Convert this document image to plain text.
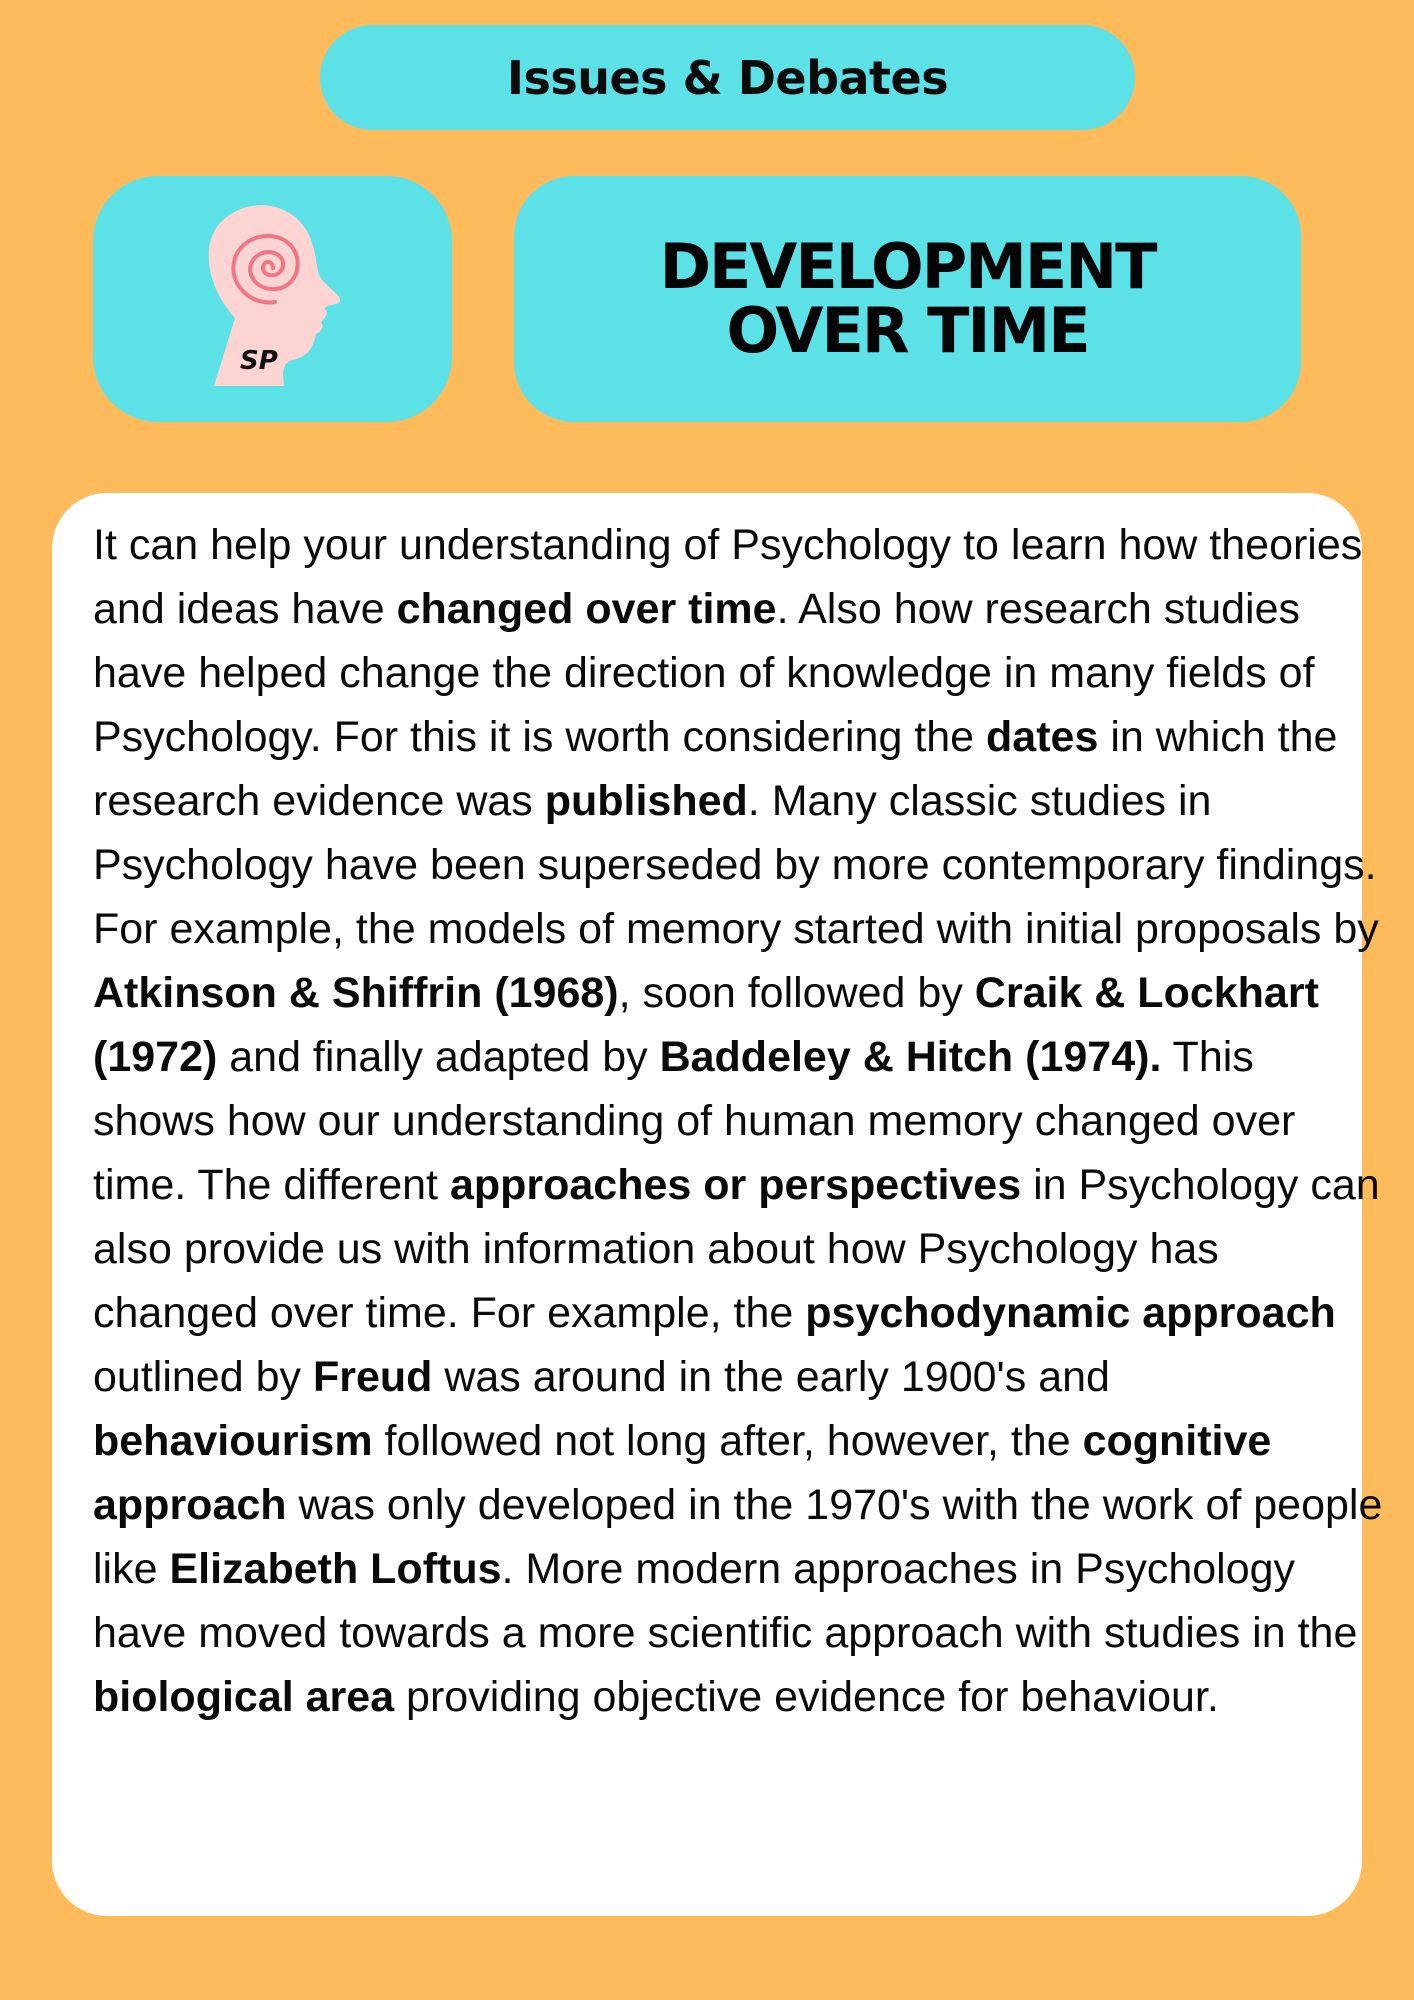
Issues & Debates
SP
DEVELOPMENT
OVER TIME

It can help your understanding of Psychology to learn how theories and ideas have changed over time. Also how research studies have helped change the direction of knowledge in many fields of Psychology. For this it is worth considering the dates in which the research evidence was published. Many classic studies in Psychology have been superseded by more contemporary findings. For example, the models of memory started with initial proposals by Atkinson & Shiffrin (1968), soon followed by Craik & Lockhart (1972) and finally adapted by Baddeley & Hitch (1974). This shows how our understanding of human memory changed over time. The different approaches or perspectives in Psychology can also provide us with information about how Psychology has changed over time. For example, the psychodynamic approach outlined by Freud was around in the early 1900's and behaviourism followed not long after, however, the cognitive approach was only developed in the 1970's with the work of people like Elizabeth Loftus. More modern approaches in Psychology have moved towards a more scientific approach with studies in the biological area providing objective evidence for behaviour.
